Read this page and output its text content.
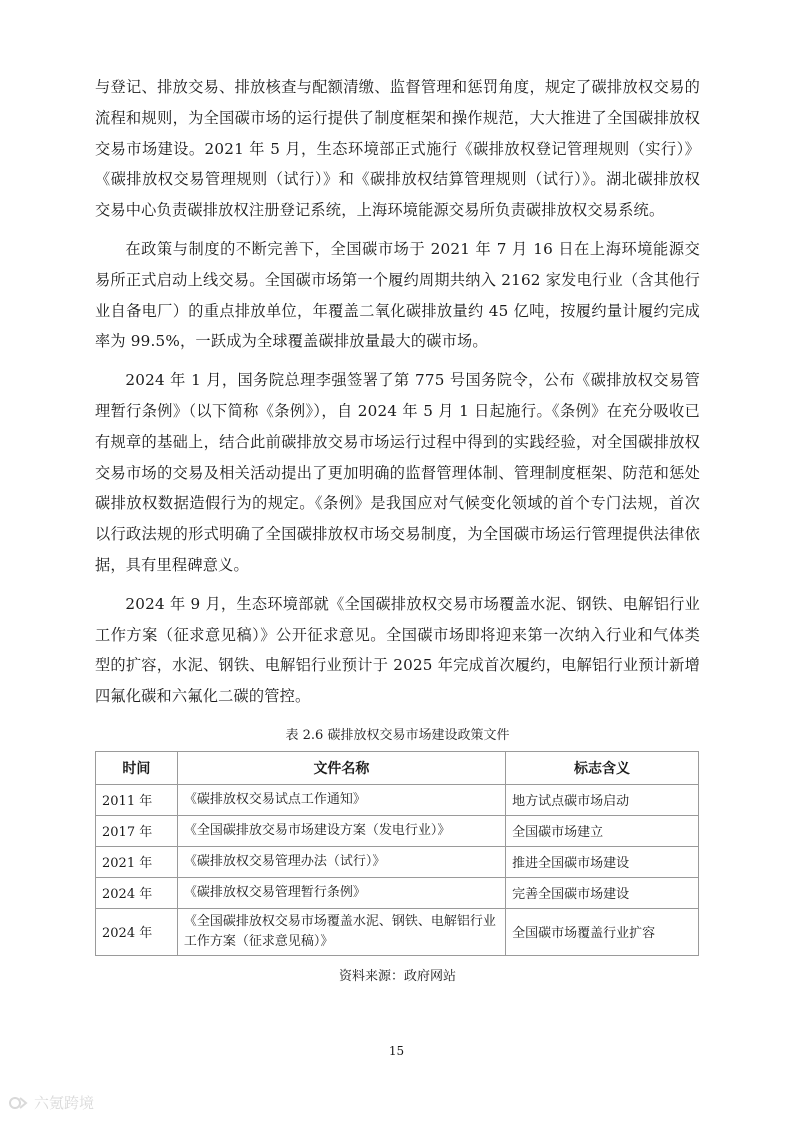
与登记、排放交易、排放核查与配额清缴、监督管理和惩罚角度，规定了碳排放权交易的流程和规则，为全国碳市场的运行提供了制度框架和操作规范，大大推进了全国碳排放权交易市场建设。2021 年 5 月，生态环境部正式施行《碳排放权登记管理规则（实行）》《碳排放权交易管理规则（试行）》和《碳排放权结算管理规则（试行）》。湖北碳排放权交易中心负责碳排放权注册登记系统，上海环境能源交易所负责碳排放权交易系统。

在政策与制度的不断完善下，全国碳市场于 2021 年 7 月 16 日在上海环境能源交易所正式启动上线交易。全国碳市场第一个履约周期共纳入 2162 家发电行业（含其他行业自备电厂）的重点排放单位，年覆盖二氧化碳排放量约 45 亿吨，按履约量计履约完成率为 99.5%，一跃成为全球覆盖碳排放量最大的碳市场。

2024 年 1 月，国务院总理李强签署了第 775 号国务院令，公布《碳排放权交易管理暂行条例》（以下简称《条例》），自 2024 年 5 月 1 日起施行。《条例》在充分吸收已有规章的基础上，结合此前碳排放交易市场运行过程中得到的实践经验，对全国碳排放权交易市场的交易及相关活动提出了更加明确的监督管理体制、管理制度框架、防范和惩处碳排放权数据造假行为的规定。《条例》是我国应对气候变化领域的首个专门法规，首次以行政法规的形式明确了全国碳排放权市场交易制度，为全国碳市场运行管理提供法律依据，具有里程碑意义。

2024 年 9 月，生态环境部就《全国碳排放权交易市场覆盖水泥、钢铁、电解铝行业工作方案（征求意见稿）》公开征求意见。全国碳市场即将迎来第一次纳入行业和气体类型的扩容，水泥、钢铁、电解铝行业预计于 2025 年完成首次履约，电解铝行业预计新增四氟化碳和六氟化二碳的管控。

表 2.6 碳排放权交易市场建设政策文件
时间	文件名称	标志含义
2011 年	《碳排放权交易试点工作通知》	地方试点碳市场启动
2017 年	《全国碳排放交易市场建设方案（发电行业）》	全国碳市场建立
2021 年	《碳排放权交易管理办法（试行）》	推进全国碳市场建设
2024 年	《碳排放权交易管理暂行条例》	完善全国碳市场建设
2024 年	《全国碳排放权交易市场覆盖水泥、钢铁、电解铝行业工作方案（征求意见稿）》	全国碳市场覆盖行业扩容
资料来源：政府网站
15
六氪跨境
